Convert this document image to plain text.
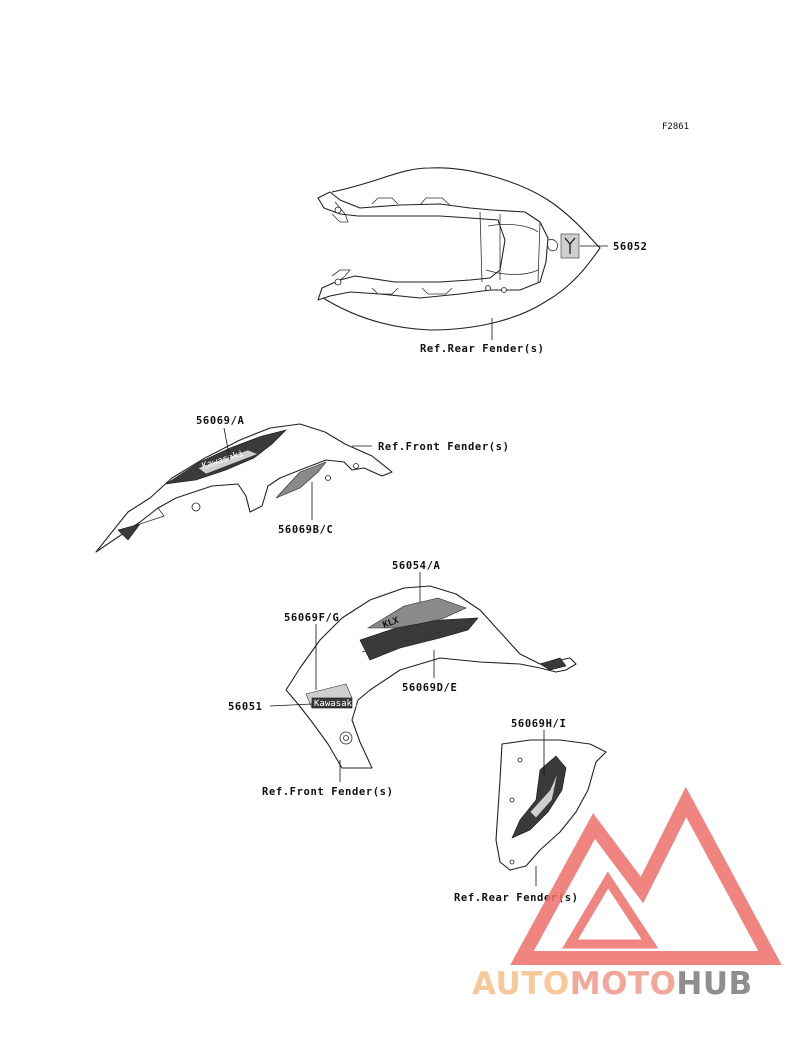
F2861
56052
Ref.Rear Fender(s)
Kawasaki
56069/A
Ref.Front Fender(s)
56069B/C
KLX
Kawasaki
56054/A
56069F/G
56069D/E
56051
Ref.Front Fender(s)
56069H/I
Ref.Rear Fender(s)
AUTOMOTOHUB
